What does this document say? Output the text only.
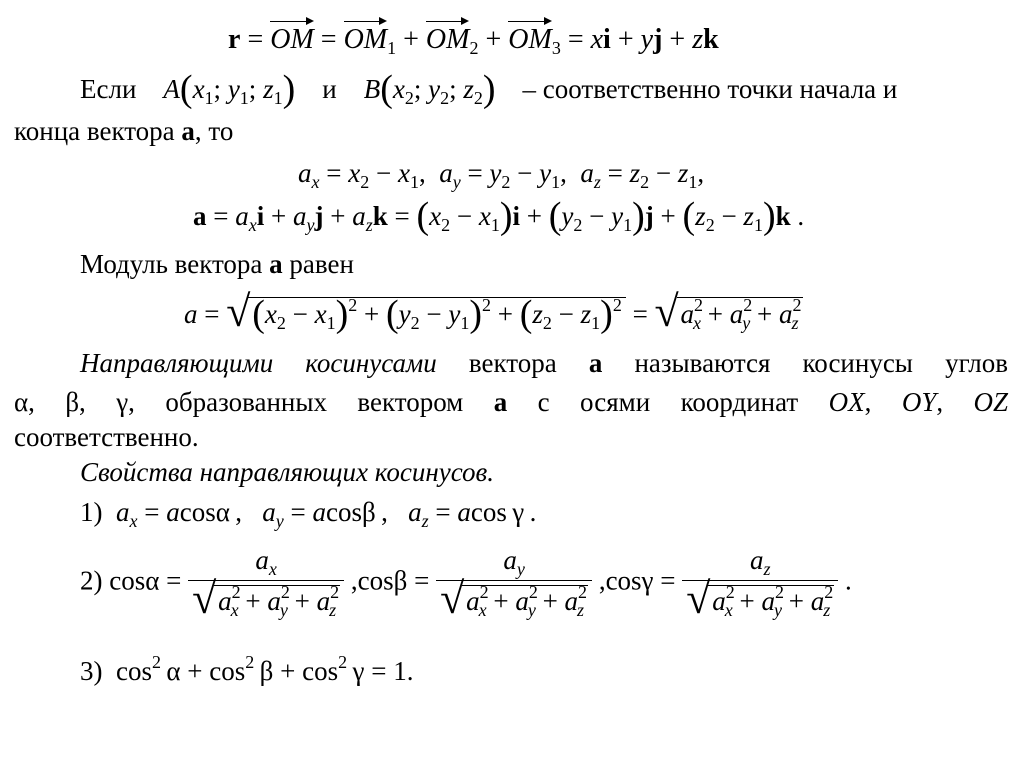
r = OM = $OM_1 + OM_2 + OM_3$ = xi + yj + zk
Если $A(x_1$; $y_1$; $z_1$) и $B(x_2$; $y_2$; $z_2$) – соответственно точки начала и
конца вектора a, то
$a_x = x_2 - x_1$,  $a_y = y_2 - y_1$,  $a_z = z_2 - z_1$,
$a = a_xi + a_yj + a_zk = (x_2 - x_1)i + (y_2 - y_1)j + (z_2 - z_1)k$ .
Модуль вектора a равен
a = √ $(x_2 - x_1)^2 + (y_2 - y_1)^2 + (z_2 - z_1)^2$ = √ $a^2_x + a^2_y + a^2_z$
Направляющими косинусами вектора a называются косинусы углов
α, β, γ, образованных вектором a с осями координат OX, OY, OZ
соответственно.
Свойства направляющих косинусов.
1) $a_x = acos\alpha$ ,   $a_y = acos\beta$ ,   $a_z = acos$ γ .
2) $\cos\alpha = \frac{a_x}{√ a^2_x + a^2_y + a^2_z} ,\cos\beta = \frac{a_y}{√ a^2_x + a^2_y + a^2_z} ,\cos\gamma = \frac{a_z}{√ a^2_x + a^2_y + a^2_z}$ .
3)  $\cos^2 \alpha + \cos^2 \beta + \cos^2 \gamma = 1$.
